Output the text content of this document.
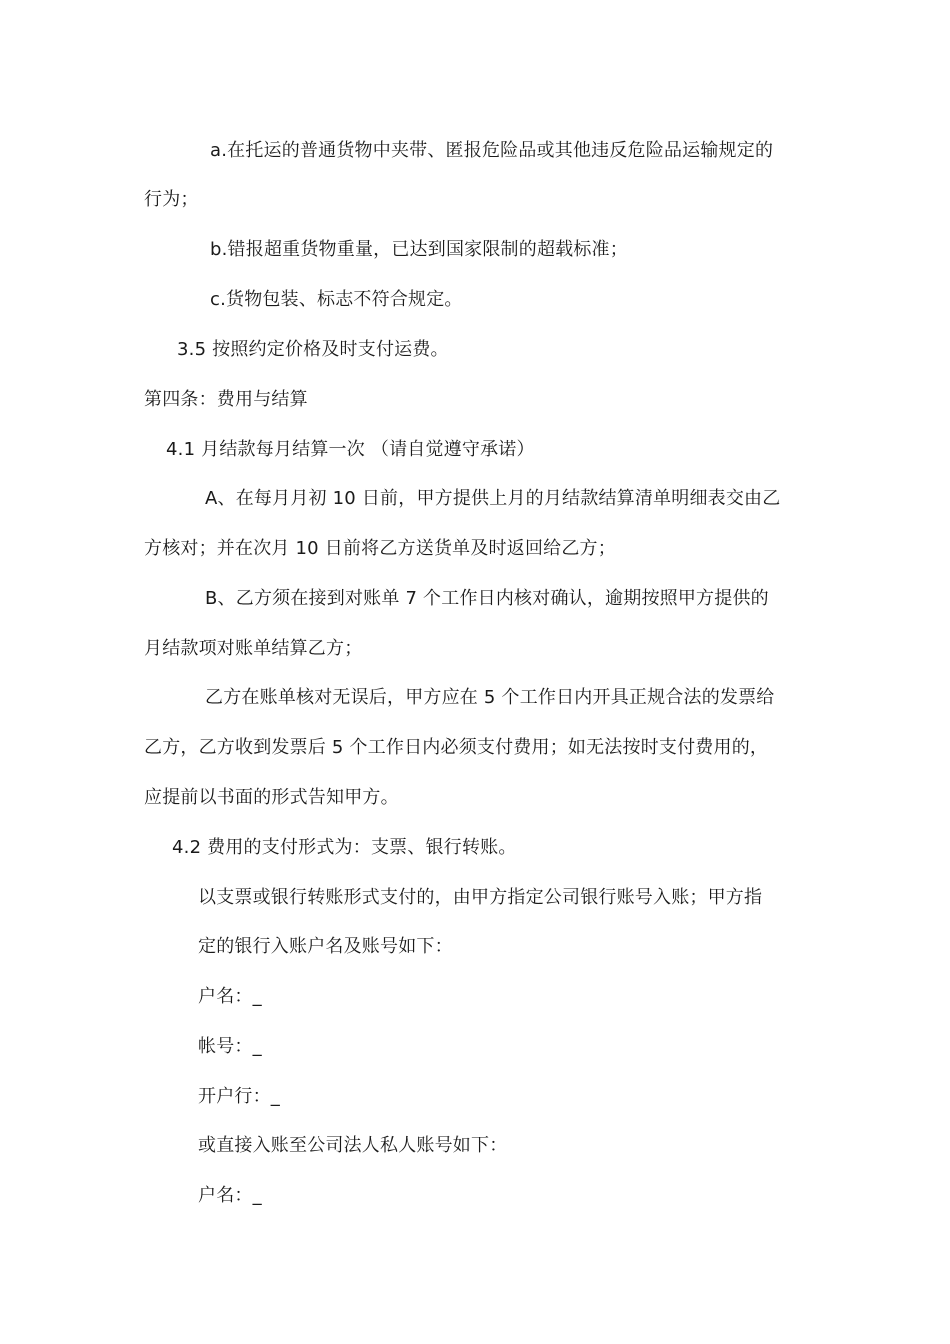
a.在托运的普通货物中夹带、匿报危险品或其他违反危险品运输规定的
行为；
b.错报超重货物重量，已达到国家限制的超载标准；
c.货物包装、标志不符合规定。
3.5 按照约定价格及时支付运费。
第四条：费用与结算
4.1 月结款每月结算一次 （请自觉遵守承诺）
A、在每月月初 10 日前，甲方提供上月的月结款结算清单明细表交由乙
方核对；并在次月 10 日前将乙方送货单及时返回给乙方；
B、乙方须在接到对账单 7 个工作日内核对确认，逾期按照甲方提供的
月结款项对账单结算乙方；
乙方在账单核对无误后，甲方应在 5 个工作日内开具正规合法的发票给
乙方，乙方收到发票后 5 个工作日内必须支付费用；如无法按时支付费用的，
应提前以书面的形式告知甲方。
4.2 费用的支付形式为：支票、银行转账。
以支票或银行转账形式支付的，由甲方指定公司银行账号入账；甲方指
定的银行入账户名及账号如下：
户名：_
帐号：_
开户行：_
或直接入账至公司法人私人账号如下：
户名：_
